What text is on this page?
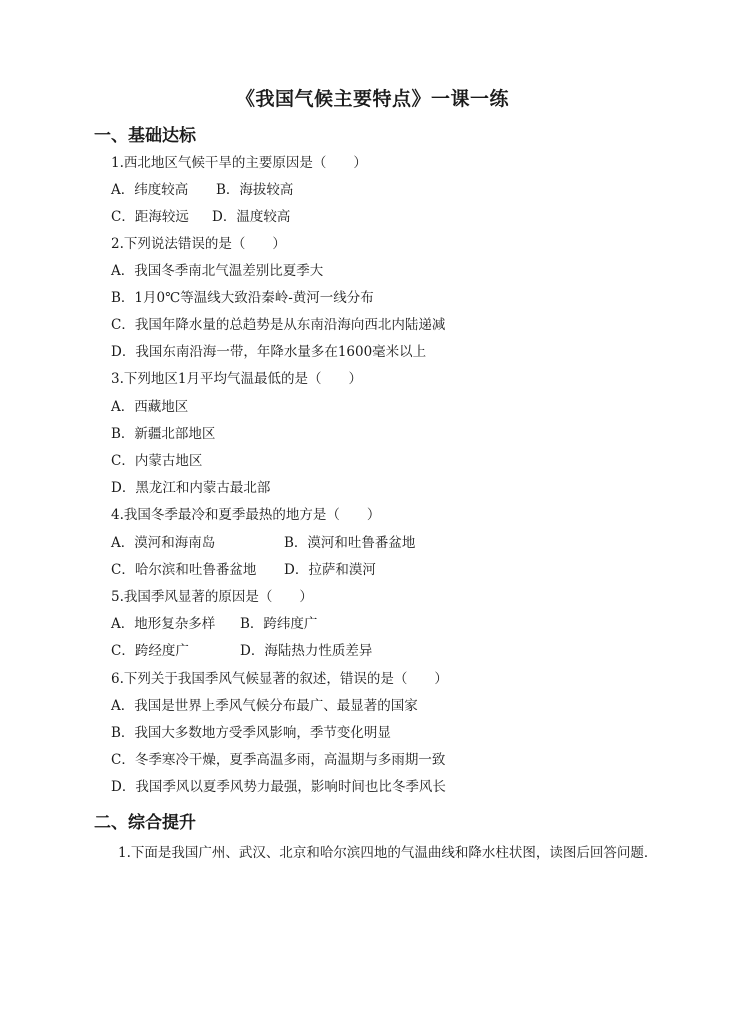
《我国气候主要特点》一课一练
一、基础达标
1.西北地区气候干旱的主要原因是（　　）
A．纬度较高 B．海拔较高
C．距海较远 D．温度较高
2.下列说法错误的是（　　）
A．我国冬季南北气温差别比夏季大
B．1月0℃等温线大致沿秦岭-黄河一线分布
C．我国年降水量的总趋势是从东南沿海向西北内陆递减
D．我国东南沿海一带，年降水量多在1600毫米以上
3.下列地区1月平均气温最低的是（　　）
A．西藏地区
B．新疆北部地区
C．内蒙古地区
D．黑龙江和内蒙古最北部
4.我国冬季最冷和夏季最热的地方是（　　）
A．漠河和海南岛	B．漠河和吐鲁番盆地
C．哈尔滨和吐鲁番盆地 D．拉萨和漠河
5.我国季风显著的原因是（　　）
A．地形复杂多样 B．跨纬度广
C．跨经度广	D．海陆热力性质差异
6.下列关于我国季风气候显著的叙述，错误的是（　　）
A．我国是世界上季风气候分布最广、最显著的国家
B．我国大多数地方受季风影响，季节变化明显
C．冬季寒冷干燥，夏季高温多雨，高温期与多雨期一致
D．我国季风以夏季风势力最强，影响时间也比冬季风长
二、综合提升
1.下面是我国广州、武汉、北京和哈尔滨四地的气温曲线和降水柱状图，读图后回答问题．
